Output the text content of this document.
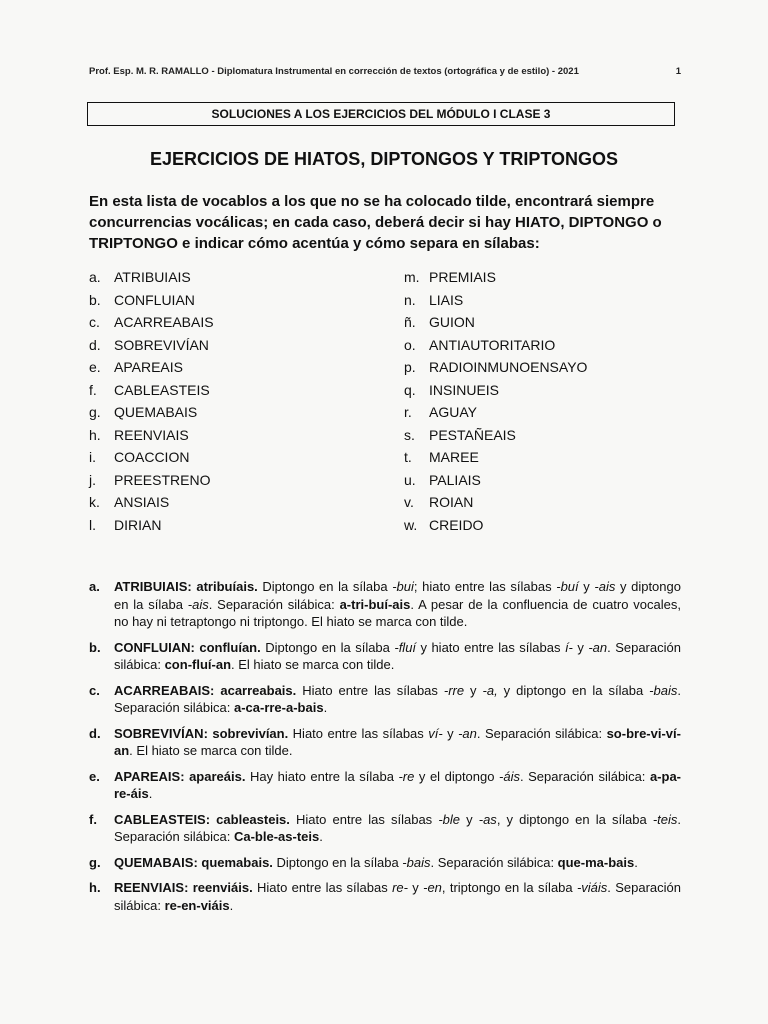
Prof. Esp. M. R. RAMALLO - Diplomatura Instrumental en corrección de textos (ortográfica y de estilo) - 2021	1
SOLUCIONES A LOS EJERCICIOS DEL MÓDULO I CLASE 3
EJERCICIOS DE HIATOS, DIPTONGOS Y TRIPTONGOS
En esta lista de vocablos a los que no se ha colocado tilde, encontrará siempre concurrencias vocálicas; en cada caso, deberá decir si hay HIATO, DIPTONGO o TRIPTONGO e indicar cómo acentúa y cómo separa en sílabas:
a. ATRIBUIAIS
b. CONFLUIAN
c. ACARREABAIS
d. SOBREVIVÍAN
e. APAREAIS
f. CABLEASTEIS
g. QUEMABAIS
h. REENVIAIS
i. COACCION
j. PREESTRENO
k. ANSIAIS
l. DIRIAN
m. PREMIAIS
n. LIAIS
ñ. GUION
o. ANTIAUTORITARIO
p. RADIOINMUNOENSAYO
q. INSINUEIS
r. AGUAY
s. PESTAÑEAIS
t. MAREE
u. PALIAIS
v. ROIAN
w. CREIDO
a. ATRIBUIAIS: atribuíais. Diptongo en la sílaba -bui; hiato entre las sílabas -buí y -ais y diptongo en la sílaba -ais. Separación silábica: a-tri-buí-ais. A pesar de la confluencia de cuatro vocales, no hay ni tetraptongo ni triptongo. El hiato se marca con tilde.
b. CONFLUIAN: confluían. Diptongo en la sílaba -fluí y hiato entre las sílabas í- y -an. Separación silábica: con-fluí-an. El hiato se marca con tilde.
c. ACARREABAIS: acarreabais. Hiato entre las sílabas -rre y -a, y diptongo en la sílaba -bais. Separación silábica: a-ca-rre-a-bais.
d. SOBREVIVÍAN: sobrevivían. Hiato entre las sílabas ví- y -an. Separación silábica: so-bre-vi-ví-an. El hiato se marca con tilde.
e. APAREAIS: apareáis. Hay hiato entre la sílaba -re y el diptongo -áis. Separación silábica: a-pa-re-áis.
f. CABLEASTEIS: cableasteis. Hiato entre las sílabas -ble y -as, y diptongo en la sílaba -teis. Separación silábica: Ca-ble-as-teis.
g. QUEMABAIS: quemabais. Diptongo en la sílaba -bais. Separación silábica: que-ma-bais.
h. REENVIAIS: reenviáis. Hiato entre las sílabas re- y -en, triptongo en la sílaba -viáis. Separación silábica: re-en-viáis.
